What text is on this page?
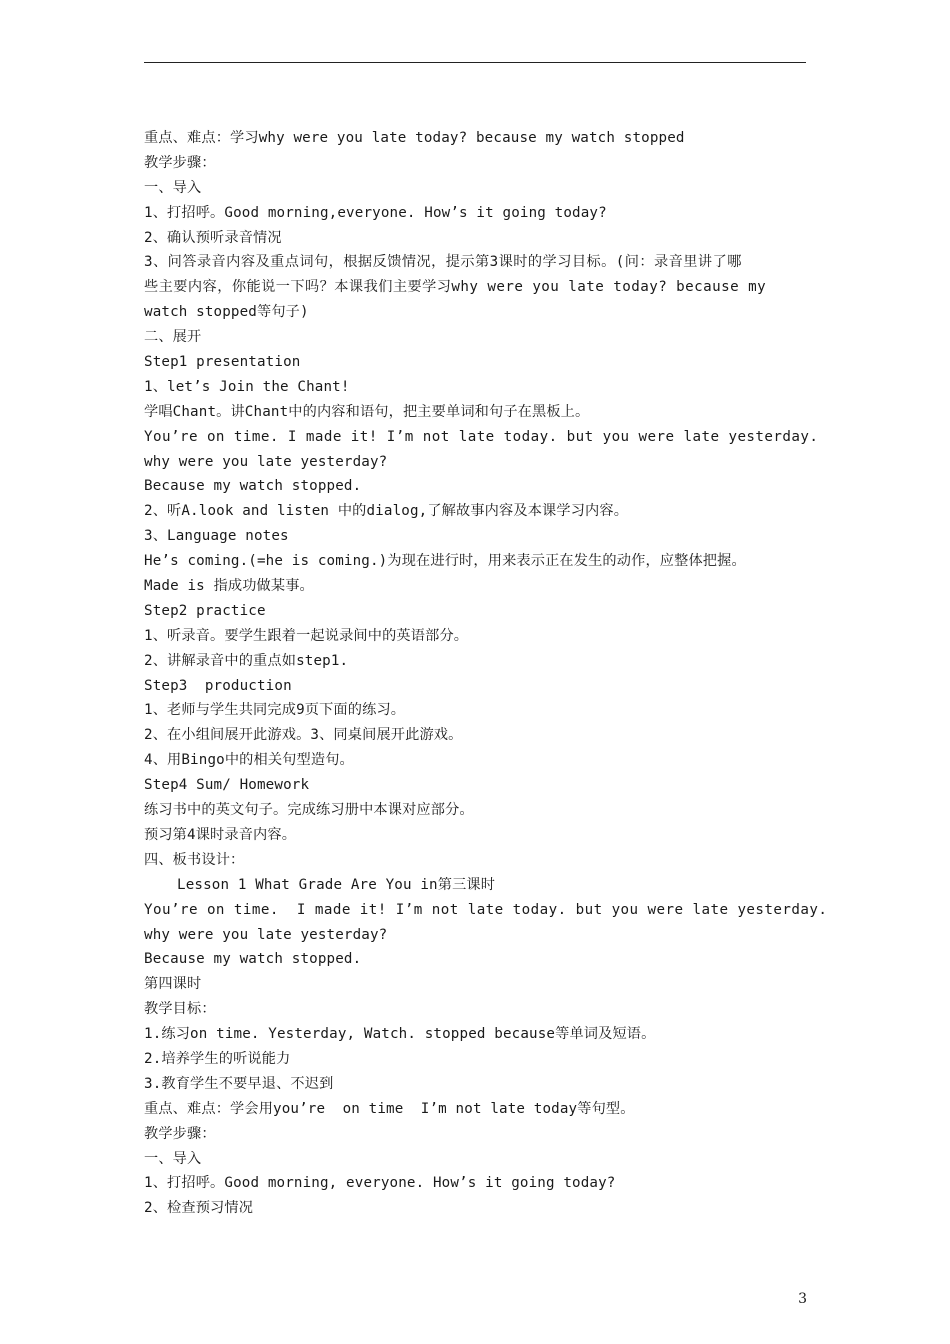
重点、难点：学习why were you late today? because my watch stopped
教学步骤：
一、导入
1、打招呼。Good morning,everyone. How’s it going today?
2、确认预听录音情况
3、问答录音内容及重点词句，根据反馈情况，提示第3课时的学习目标。(问：录音里讲了哪
些主要内容，你能说一下吗？本课我们主要学习why were you late today? because my
watch stopped等句子)
二、展开
Step1 presentation
1、let’s Join the Chant!
学唱Chant。讲Chant中的内容和语句，把主要单词和句子在黑板上。
You’re on time. I made it! I’m not late today. but you were late yesterday.
why were you late yesterday?
Because my watch stopped.
2、听A.look and listen 中的dialog,了解故事内容及本课学习内容。
3、Language notes
He’s coming.(=he is coming.)为现在进行时，用来表示正在发生的动作，应整体把握。
Made is 指成功做某事。
Step2 practice
1、听录音。要学生跟着一起说录间中的英语部分。
2、讲解录音中的重点如step1.
Step3  production
1、老师与学生共同完成9页下面的练习。
2、在小组间展开此游戏。3、同桌间展开此游戏。
4、用Bingo中的相关句型造句。
Step4 Sum/ Homework
练习书中的英文句子。完成练习册中本课对应部分。
预习第4课时录音内容。
四、板书设计：
Lesson 1 What Grade Are You in第三课时
You’re on time.  I made it! I’m not late today. but you were late yesterday.
why were you late yesterday?
Because my watch stopped.
第四课时
教学目标：
1.练习on time. Yesterday, Watch. stopped because等单词及短语。
2.培养学生的听说能力
3.教育学生不要早退、不迟到
重点、难点：学会用you’re  on time  I’m not late today等句型。
教学步骤：
一、导入
1、打招呼。Good morning, everyone. How’s it going today?
2、检查预习情况
3
